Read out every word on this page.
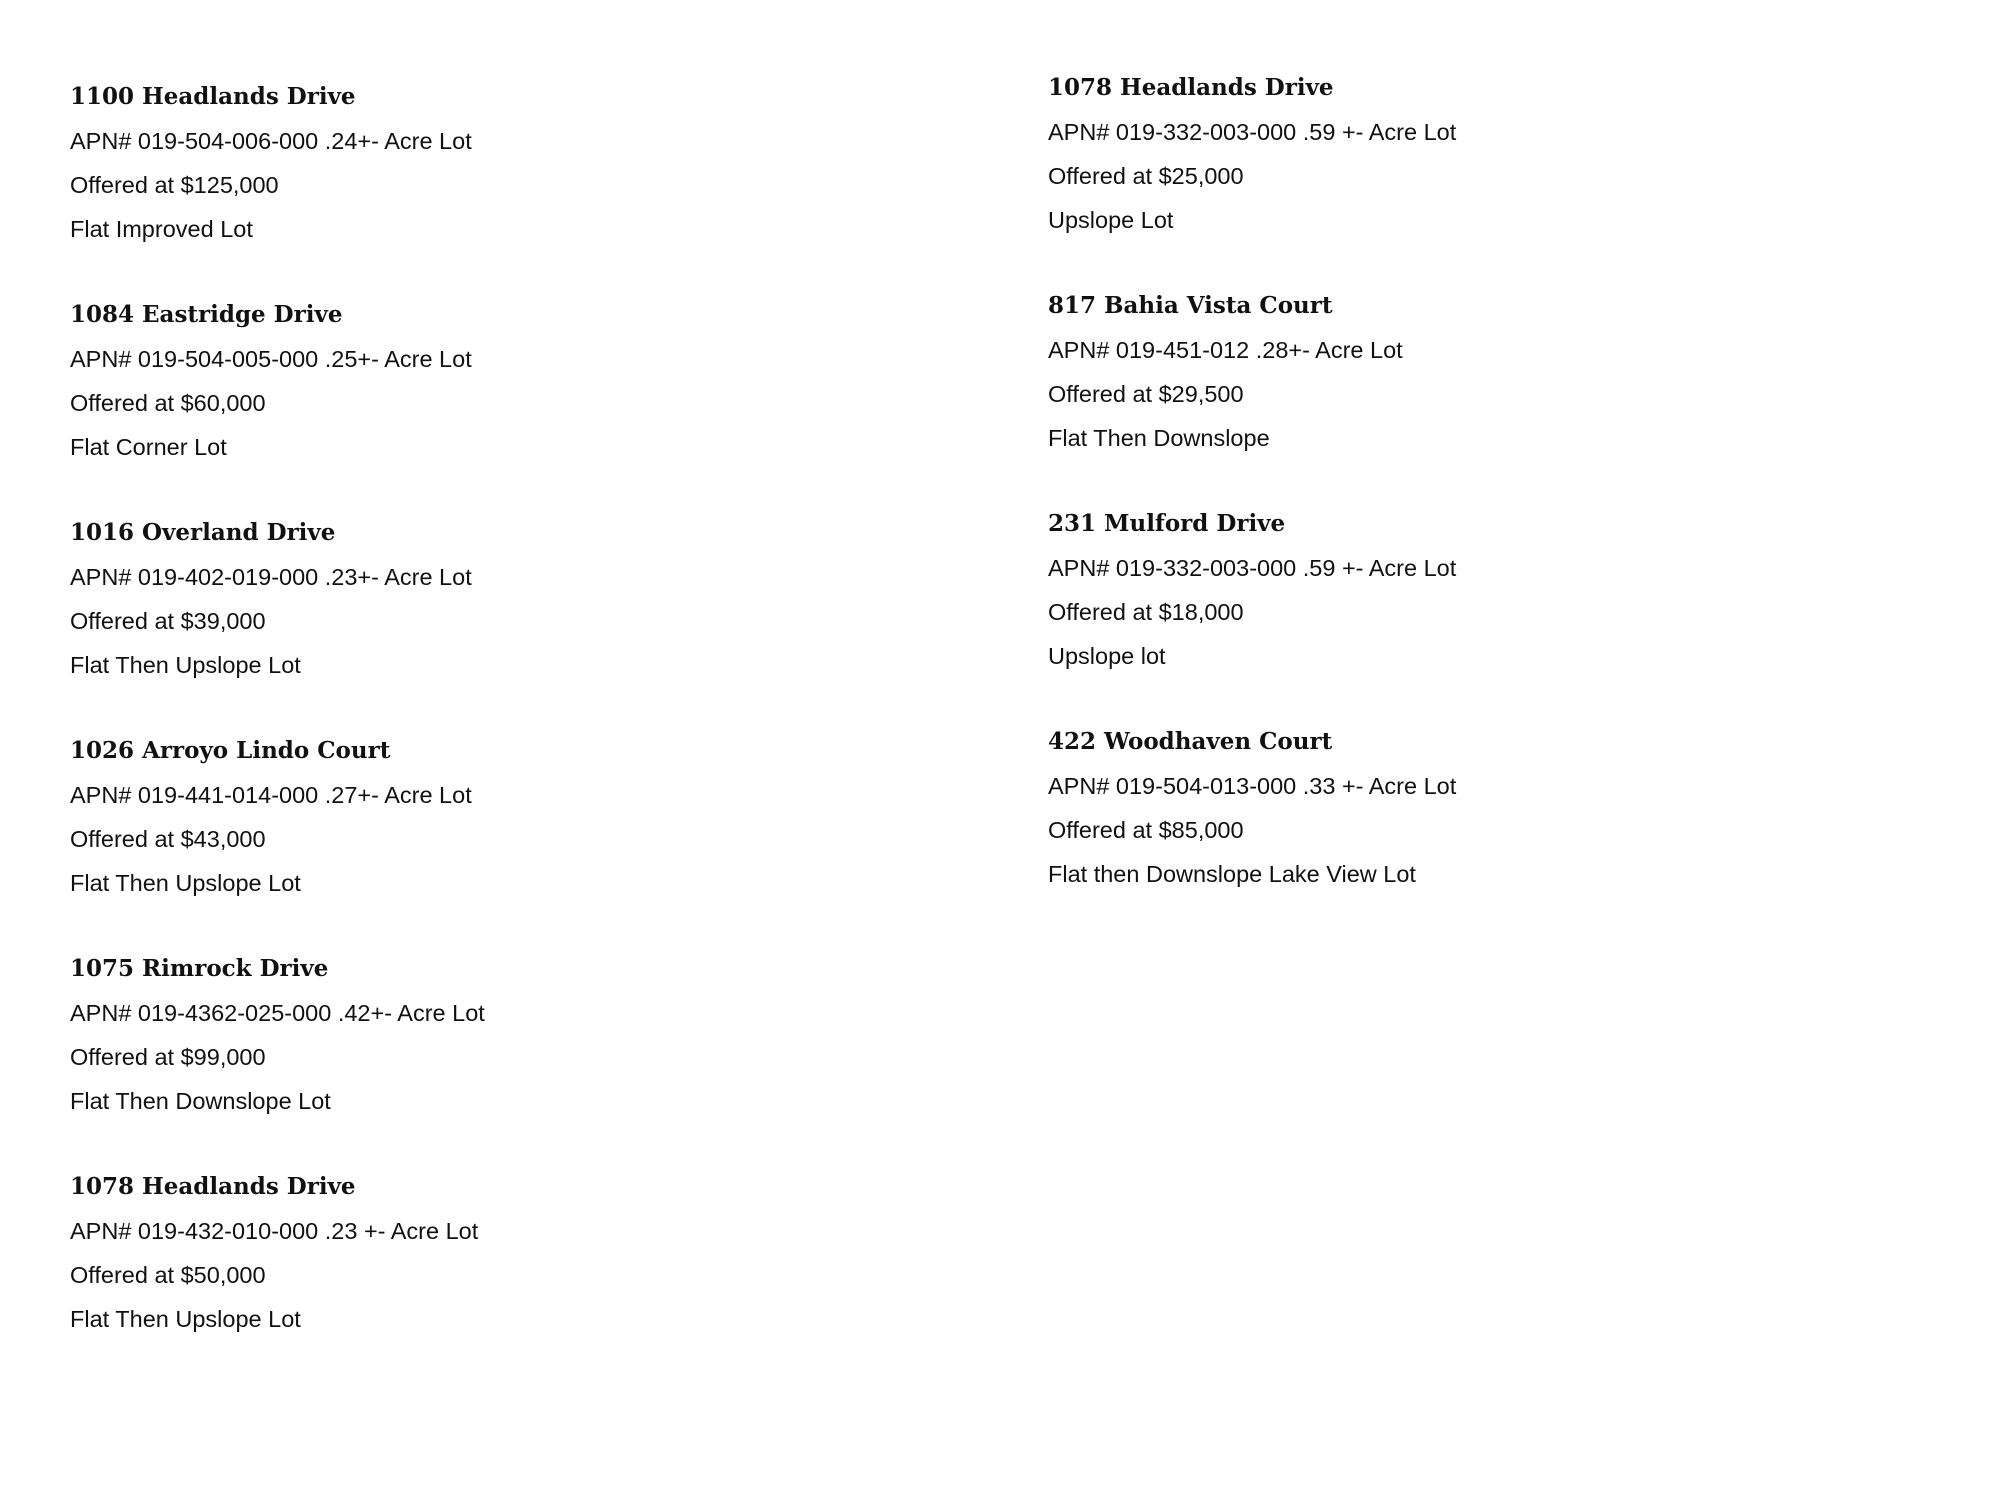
1100 Headlands Drive
APN# 019-504-006-000 .24+- Acre Lot
Offered at $125,000
Flat Improved Lot
1084 Eastridge Drive
APN# 019-504-005-000 .25+- Acre Lot
Offered at $60,000
Flat Corner Lot
1016 Overland Drive
APN# 019-402-019-000 .23+- Acre Lot
Offered at $39,000
Flat Then Upslope Lot
1026 Arroyo Lindo Court
APN# 019-441-014-000 .27+- Acre Lot
Offered at $43,000
Flat Then Upslope Lot
1075 Rimrock Drive
APN# 019-4362-025-000 .42+- Acre Lot
Offered at $99,000
Flat Then Downslope Lot
1078 Headlands Drive
APN# 019-432-010-000 .23 +- Acre Lot
Offered at $50,000
Flat Then Upslope Lot
1078 Headlands Drive
APN# 019-332-003-000 .59 +- Acre Lot
Offered at $25,000
Upslope Lot
817 Bahia Vista Court
APN# 019-451-012 .28+- Acre Lot
Offered at $29,500
Flat Then Downslope
231 Mulford Drive
APN# 019-332-003-000 .59 +- Acre Lot
Offered at $18,000
Upslope lot
422 Woodhaven Court
APN# 019-504-013-000 .33 +- Acre Lot
Offered at $85,000
Flat then Downslope Lake View Lot
